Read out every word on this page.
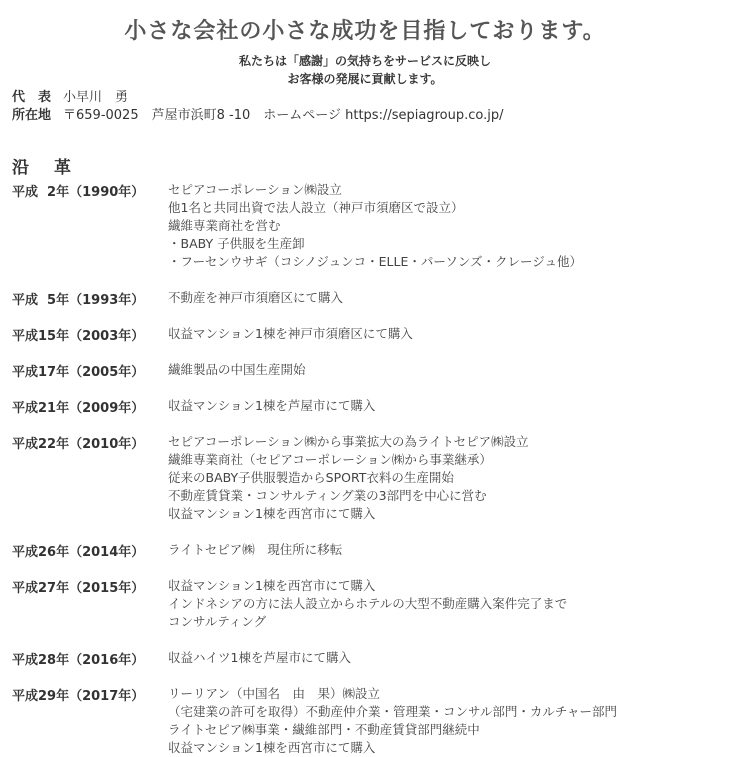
小さな会社の小さな成功を目指しております。
私たちは「感謝」の気持ちをサービスに反映し
お客様の発展に貢献します。
代　表 小早川　勇
所在地 〒659-0025　芦屋市浜町8 -10　ホームページ https://sepiagroup.co.jp/
沿　革
平成  2年（1990年） セピアコーポレーション㈱設立
他1名と共同出資で法人設立（神戸市須磨区で設立）
繊維専業商社を営む
・BABY 子供服を生産卸
・フーセンウサギ（コシノジュンコ・ELLE・パーソンズ・クレージュ他）
平成  5年（1993年） 不動産を神戸市須磨区にて購入
平成15年（2003年） 収益マンション1棟を神戸市須磨区にて購入
平成17年（2005年） 繊維製品の中国生産開始
平成21年（2009年） 収益マンション1棟を芦屋市にて購入
平成22年（2010年） セピアコーポレーション㈱から事業拡大の為ライトセピア㈱設立
繊維専業商社（セピアコーポレーション㈱から事業継承）
従来のBABY子供服製造からSPORT衣料の生産開始
不動産賃貸業・コンサルティング業の3部門を中心に営む
収益マンション1棟を西宮市にて購入
平成26年（2014年） ライトセピア㈱　現住所に移転
平成27年（2015年） 収益マンション1棟を西宮市にて購入
インドネシアの方に法人設立からホテルの大型不動産購入案件完了まで
コンサルティング
平成28年（2016年） 収益ハイツ1棟を芦屋市にて購入
平成29年（2017年） リーリアン（中国名　由　果）㈱設立
（宅建業の許可を取得）不動産仲介業・管理業・コンサル部門・カルチャー部門
ライトセピア㈱事業・繊維部門・不動産賃貸部門継続中
収益マンション1棟を西宮市にて購入
